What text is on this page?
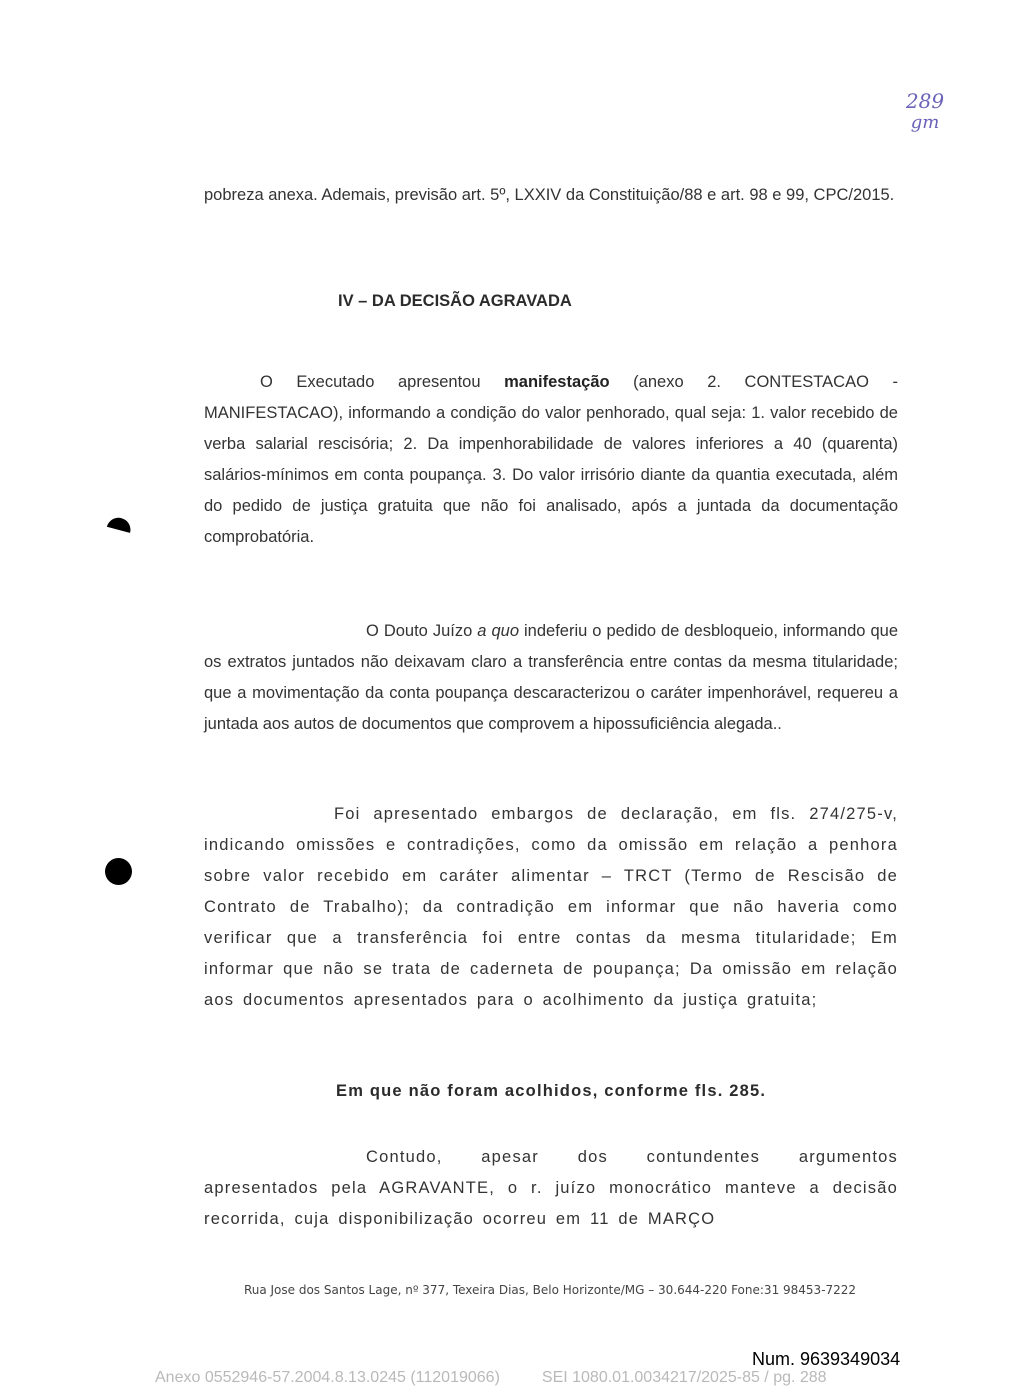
289
gm

pobreza anexa. Ademais, previsão art. 5º, LXXIV da Constituição/88 e art. 98 e 99, CPC/2015.

IV – DA DECISÃO AGRAVADA

O Executado apresentou manifestação (anexo 2. CONTESTACAO - MANIFESTACAO), informando a condição do valor penhorado, qual seja: 1. valor recebido de verba salarial rescisória; 2. Da impenhorabilidade de valores inferiores a 40 (quarenta) salários-mínimos em conta poupança. 3. Do valor irrisório diante da quantia executada, além do pedido de justiça gratuita que não foi analisado, após a juntada da documentação comprobatória.

O Douto Juízo a quo indeferiu o pedido de desbloqueio, informando que os extratos juntados não deixavam claro a transferência entre contas da mesma titularidade; que a movimentação da conta poupança descaracterizou o caráter impenhorável, requereu a juntada aos autos de documentos que comprovem a hipossuficiência alegada..

Foi apresentado embargos de declaração, em fls. 274/275-v, indicando omissões e contradições, como da omissão em relação a penhora sobre valor recebido em caráter alimentar – TRCT (Termo de Rescisão de Contrato de Trabalho); da contradição em informar que não haveria como verificar que a transferência foi entre contas da mesma titularidade; Em informar que não se trata de caderneta de poupança; Da omissão em relação aos documentos apresentados para o acolhimento da justiça gratuita;

Em que não foram acolhidos, conforme fls. 285.

Contudo, apesar dos contundentes argumentos apresentados pela AGRAVANTE, o r. juízo monocrático manteve a decisão recorrida, cuja disponibilização ocorreu em 11 de MARÇO

Rua Jose dos Santos Lage, nº 377, Texeira Dias, Belo Horizonte/MG – 30.644-220 Fone:31 98453-7222
Num. 9639349034
Anexo 0552946-57.2004.8.13.0245 (112019066)	SEI 1080.01.0034217/2025-85 / pg. 288
